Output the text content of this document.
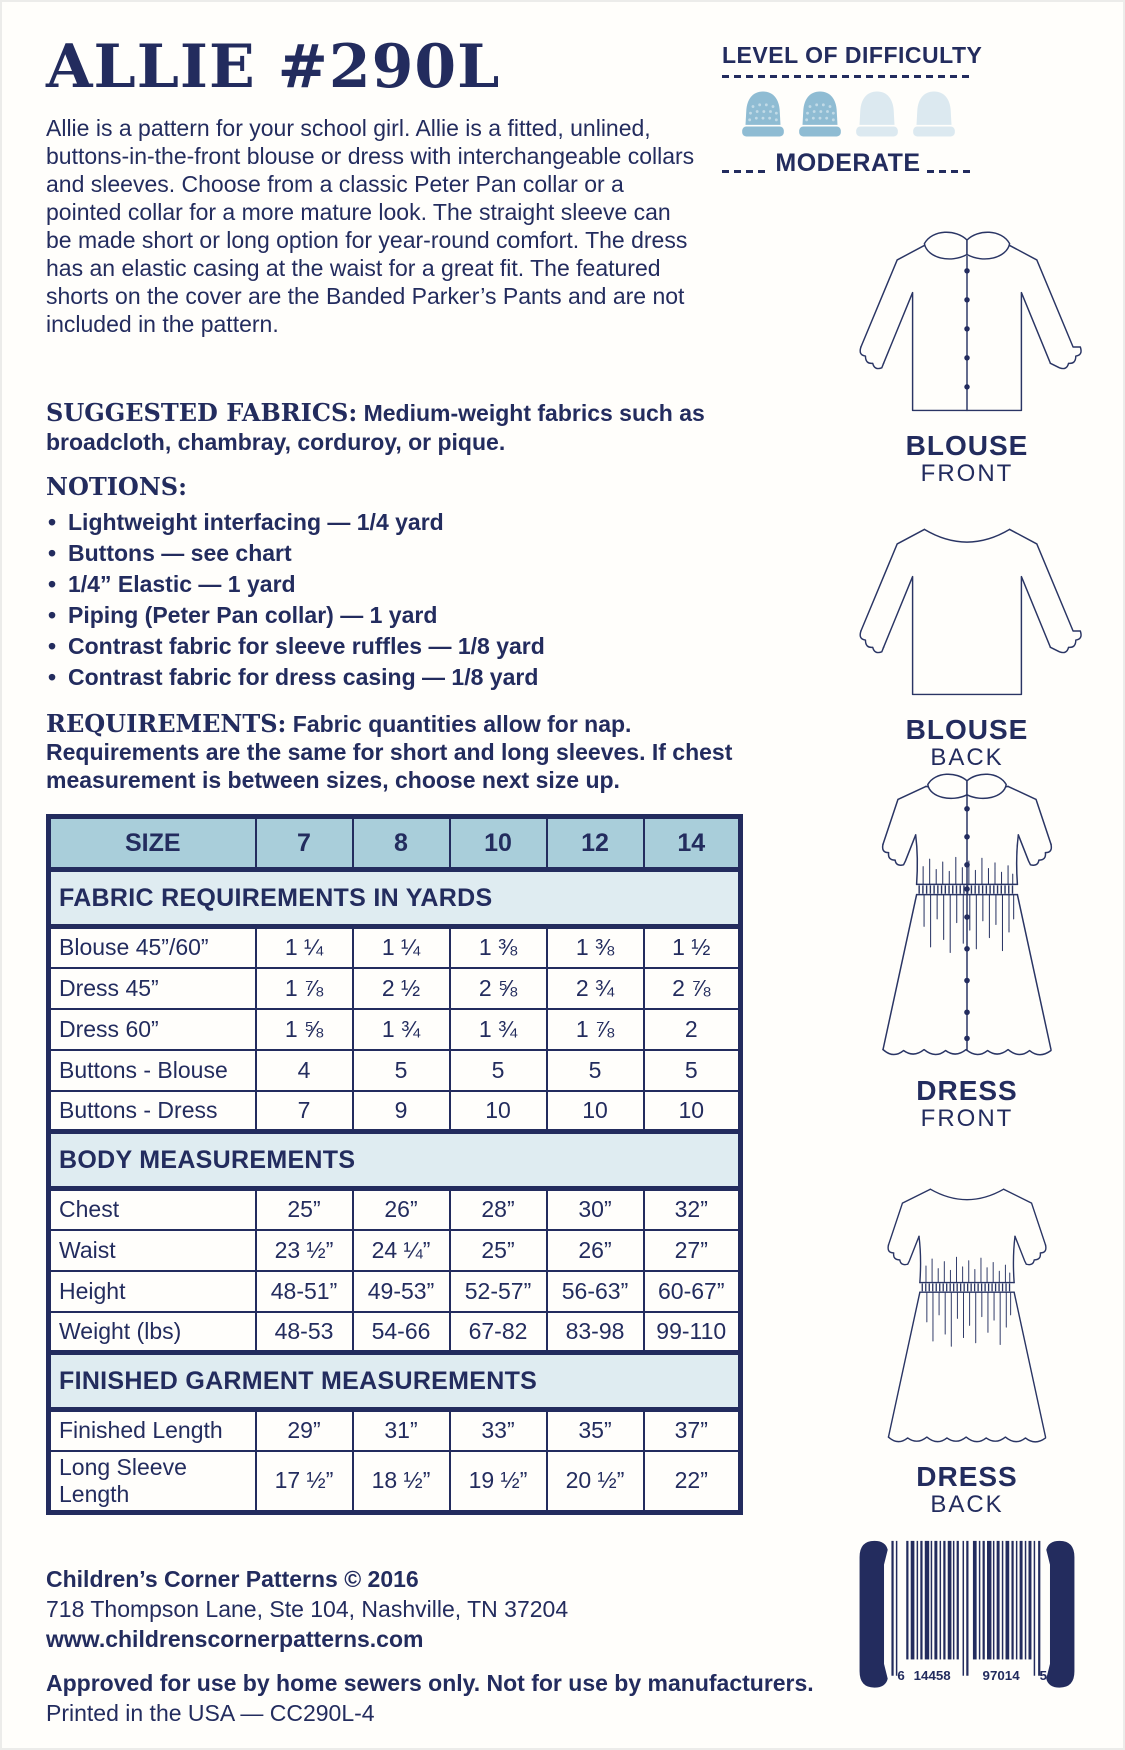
ALLIE #290L
Allie is a pattern for your school girl. Allie is a fitted, unlined, buttons-in-the-front blouse or dress with interchangeable collars and sleeves. Choose from a classic Peter Pan collar or a pointed collar for a more mature look. The straight sleeve can be made short or long option for year-round comfort. The dress has an elastic casing at the waist for a great fit. The featured shorts on the cover are the Banded Parker’s Pants and are not included in the pattern.
SUGGESTED FABRICS: Medium-weight fabrics such as broadcloth, chambray, corduroy, or pique.
NOTIONS:
• Lightweight interfacing — 1/4 yard
• Buttons — see chart
• 1/4” Elastic — 1 yard
• Piping (Peter Pan collar) — 1 yard
• Contrast fabric for sleeve ruffles — 1/8 yard
• Contrast fabric for dress casing — 1/8 yard
REQUIREMENTS: Fabric quantities allow for nap. Requirements are the same for short and long sleeves. If chest measurement is between sizes, choose next size up.
SIZE	7	8	10	12	14
FABRIC REQUIREMENTS IN YARDS					
Blouse 45”/60”	1 ¼	1 ¼	1 ⅜	1 ⅜	1 ½
Dress 45”	1 ⅞	2 ½	2 ⅝	2 ¾	2 ⅞
Dress 60”	1 ⅝	1 ¾	1 ¾	1 ⅞	2
Buttons - Blouse	4	5	5	5	5
Buttons - Dress	7	9	10	10	10
BODY MEASUREMENTS					
Chest	25”	26”	28”	30”	32”
Waist	23 ½”	24 ¼”	25”	26”	27”
Height	48-51”	49-53”	52-57”	56-63”	60-67”
Weight (lbs)	48-53	54-66	67-82	83-98	99-110
FINISHED GARMENT MEASUREMENTS					
Finished Length	29”	31”	33”	35”	37”
Long Sleeve Length	17 ½”	18 ½”	19 ½”	20 ½”	22”
Children’s Corner Patterns © 2016
718 Thompson Lane, Ste 104, Nashville, TN 37204
www.childrenscornerpatterns.com
Approved for use by home sewers only. Not for use by manufacturers.
Printed in the USA — CC290L-4
LEVEL OF DIFFICULTY
MODERATE
BLOUSE
FRONT
BLOUSE
BACK
DRESS
FRONT
DRESS
BACK
6 14458 97014 5
